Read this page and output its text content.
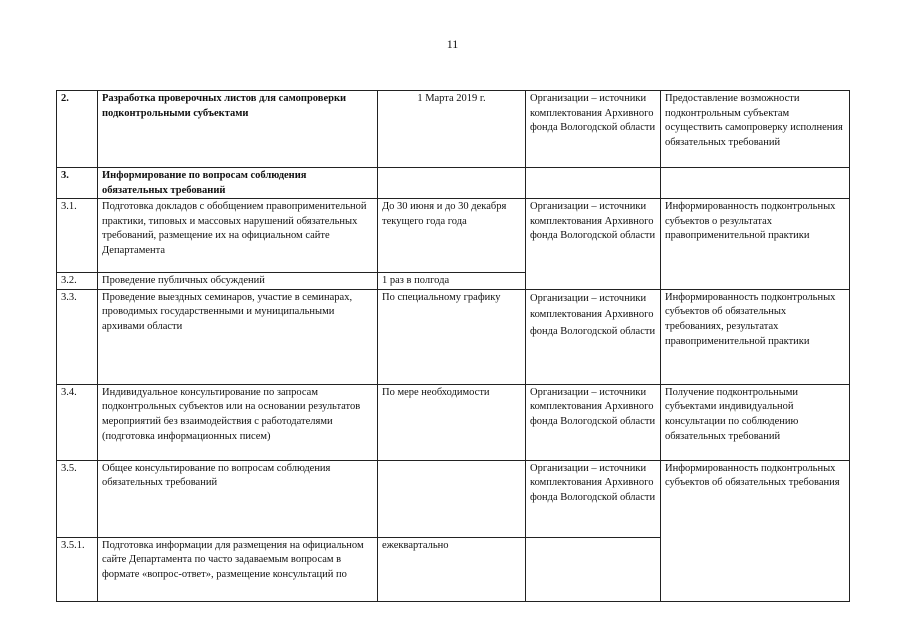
11
2.	Разработка проверочных листов для самопроверки подконтрольными субъектами	1 Марта 2019 г.	Организации – источники комплектования Архивного фонда Вологодской области	Предоставление возможности подконтрольным субъектам осуществить самопроверку исполнения обязательных требований
3.	Информирование по вопросам соблюдения обязательных требований			
3.1.	Подготовка докладов с обобщением правоприменительной практики, типовых и массовых нарушений обязательных требований, размещение их на официальном сайте Департамента	До 30 июня и до 30 декабря текущего года года	Организации – источники комплектования Архивного фонда Вологодской области	Информированность подконтрольных субъектов о результатах правоприменительной практики
3.2.	Проведение публичных обсуждений	1 раз в полгода		
3.3.	Проведение выездных семинаров, участие в семинарах, проводимых государственными и муниципальными архивами области	По специальному графику	Организации – источники комплектования Архивного фонда Вологодской области	Информированность подконтрольных субъектов об обязательных требованиях, результатах правоприменительной практики
3.4.	Индивидуальное консультирование по запросам подконтрольных субъектов или на основании результатов мероприятий без взаимодействия с работодателями (подготовка информационных писем)	По мере необходимости	Организации – источники комплектования Архивного фонда Вологодской области	Получение подконтрольными субъектами индивидуальной консультации по соблюдению обязательных требований
3.5.	Общее консультирование по вопросам соблюдения обязательных требований		Организации – источники комплектования Архивного фонда Вологодской области	Информированность подконтрольных субъектов об обязательных требования
3.5.1.	Подготовка информации для размещения на официальном сайте Департамента по часто задаваемым вопросам в формате «вопрос-ответ», размещение консультаций по	ежеквартально		
